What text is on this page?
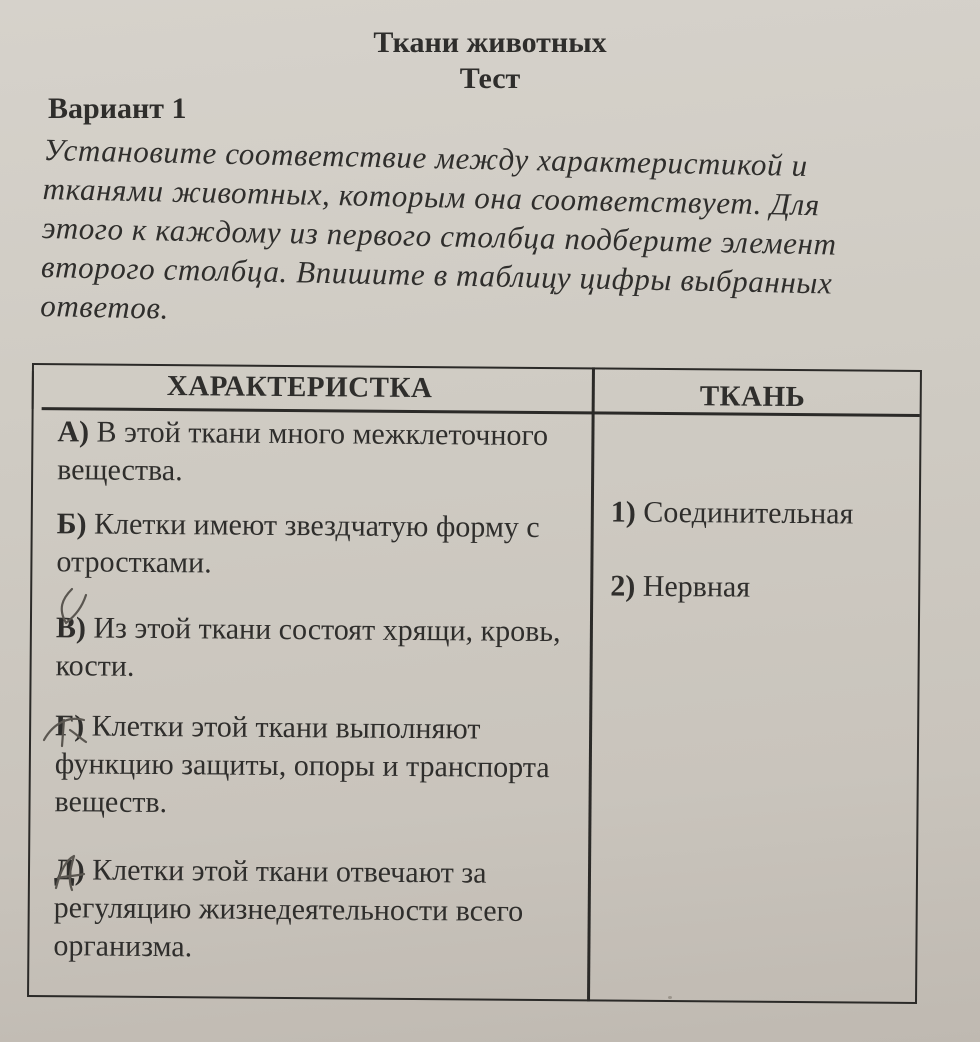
Ткани животных
Тест
Вариант 1
Установите соответствие между характеристикой и тканями животных, которым она соответствует. Для этого к каждому из первого столбца подберите элемент второго столбца. Впишите в таблицу цифры выбранных ответов.
ХАРАКТЕРИСТКА	ТКАНЬ
А) В этой ткани много межклеточного вещества.
Б) Клетки имеют звездчатую форму с отростками.
В) Из этой ткани состоят хрящи, кровь, кости.
Г) Клетки этой ткани выполняют функцию защиты, опоры и транспорта веществ.
Д) Клетки этой ткани отвечают за регуляцию жизнедеятельности всего организма.
1) Соединительная
2) Нервная
